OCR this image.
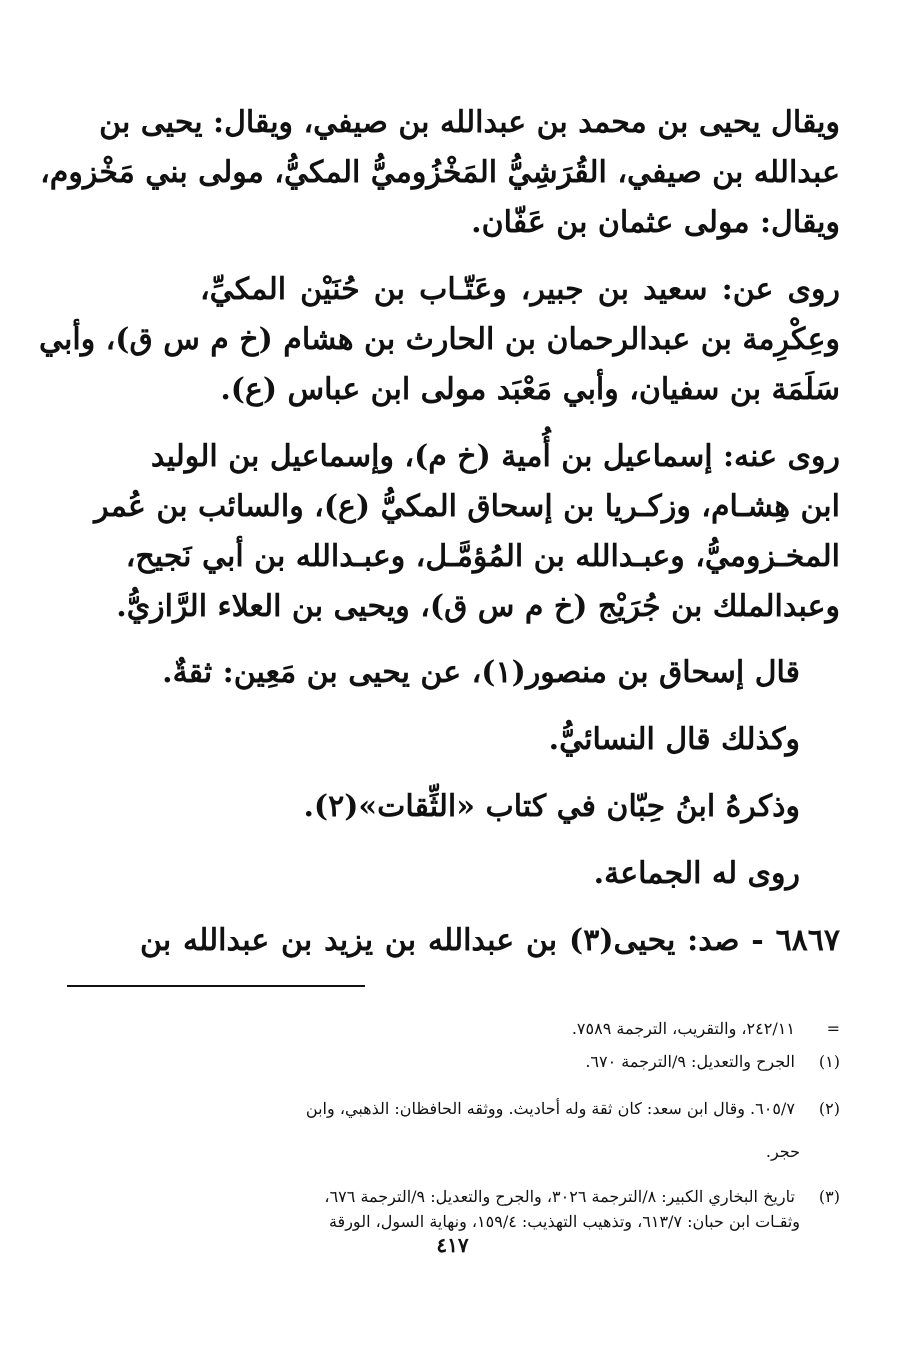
ويقال يحيى بن محمد بن عبدالله بن صيفي، ويقال: يحيى بن
عبدالله بن صيفي، القُرَشِيُّ المَخْزُوميُّ المكيُّ، مولى بني مَخْزوم،
ويقال: مولى عثمان بن عَفّان.
روى عن: سعيد بن جبير، وعَتّـاب بن حُنَيْن المكيِّ،
وعِكْرِمة بن عبدالرحمان بن الحارث بن هشام (خ م س ق)، وأبي
سَلَمَة بن سفيان، وأبي مَعْبَد مولى ابن عباس (ع).
روى عنه: إسماعيل بن أُمية (خ م)، وإسماعيل بن الوليد
ابن هِشـام، وزكـريا بن إسحاق المكيُّ (ع)، والسائب بن عُمر
المخـزوميُّ، وعبـدالله بن المُؤمَّـل، وعبـدالله بن أبي نَجيح،
وعبدالملك بن جُرَيْج (خ م س ق)، ويحيى بن العلاء الرَّازيُّ.
قال إسحاق بن منصور(١)، عن يحيى بن مَعِين: ثقةٌ.
وكذلك قال النسائيُّ.
وذكرهُ ابنُ حِبّان في كتاب «الثِّقات»(٢).
روى له الجماعة.
٦٨٦٧ - صد: يحيى(٣) بن عبدالله بن يزيد بن عبدالله بن
= ٢٤٢/١١، والتقريب، الترجمة ٧٥٨٩.
(١) الجرح والتعديل: ٩/الترجمة ٦٧٠.
(٢) ٦٠٥/٧. وقال ابن سعد: كان ثقة وله أحاديث. ووثقه الحافظان: الذهبي، وابن
حجر.
(٣) تاريخ البخاري الكبير: ٨/الترجمة ٣٠٢٦، والجرح والتعديل: ٩/الترجمة ٦٧٦،
وثقـات ابن حبان: ٦١٣/٧، وتذهيب التهذيب: ١٥٩/٤، ونهاية السول، الورقة
٤١٧
